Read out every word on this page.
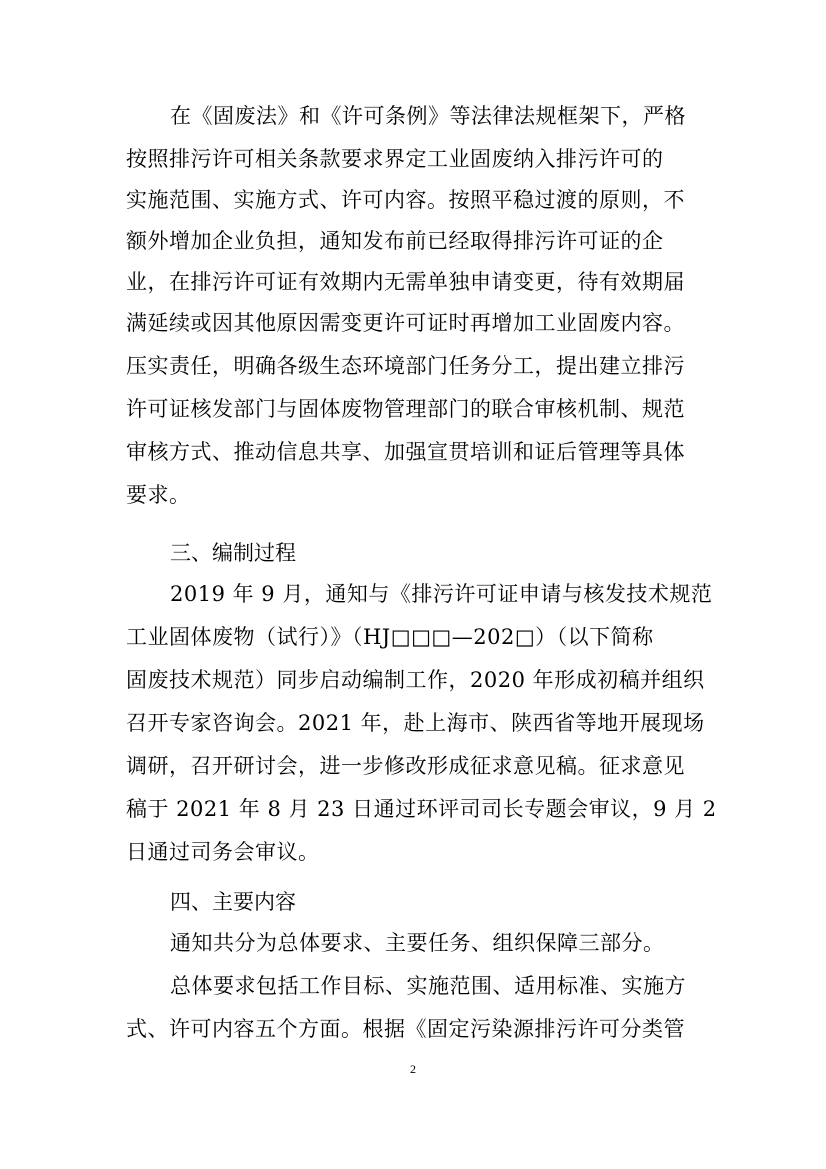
在《固废法》和《许可条例》等法律法规框架下，严格
按照排污许可相关条款要求界定工业固废纳入排污许可的
实施范围、实施方式、许可内容。按照平稳过渡的原则，不
额外增加企业负担，通知发布前已经取得排污许可证的企
业，在排污许可证有效期内无需单独申请变更，待有效期届
满延续或因其他原因需变更许可证时再增加工业固废内容。
压实责任，明确各级生态环境部门任务分工，提出建立排污
许可证核发部门与固体废物管理部门的联合审核机制、规范
审核方式、推动信息共享、加强宣贯培训和证后管理等具体
要求。
三、编制过程
2019 年 9 月，通知与《排污许可证申请与核发技术规范
工业固体废物（试行）》（HJ□□□—202□）（以下简称
固废技术规范）同步启动编制工作，2020 年形成初稿并组织
召开专家咨询会。2021 年，赴上海市、陕西省等地开展现场
调研，召开研讨会，进一步修改形成征求意见稿。征求意见
稿于 2021 年 8 月 23 日通过环评司司长专题会审议，9 月 2
日通过司务会审议。
四、主要内容
通知共分为总体要求、主要任务、组织保障三部分。
总体要求包括工作目标、实施范围、适用标准、实施方
式、许可内容五个方面。根据《固定污染源排污许可分类管
2
